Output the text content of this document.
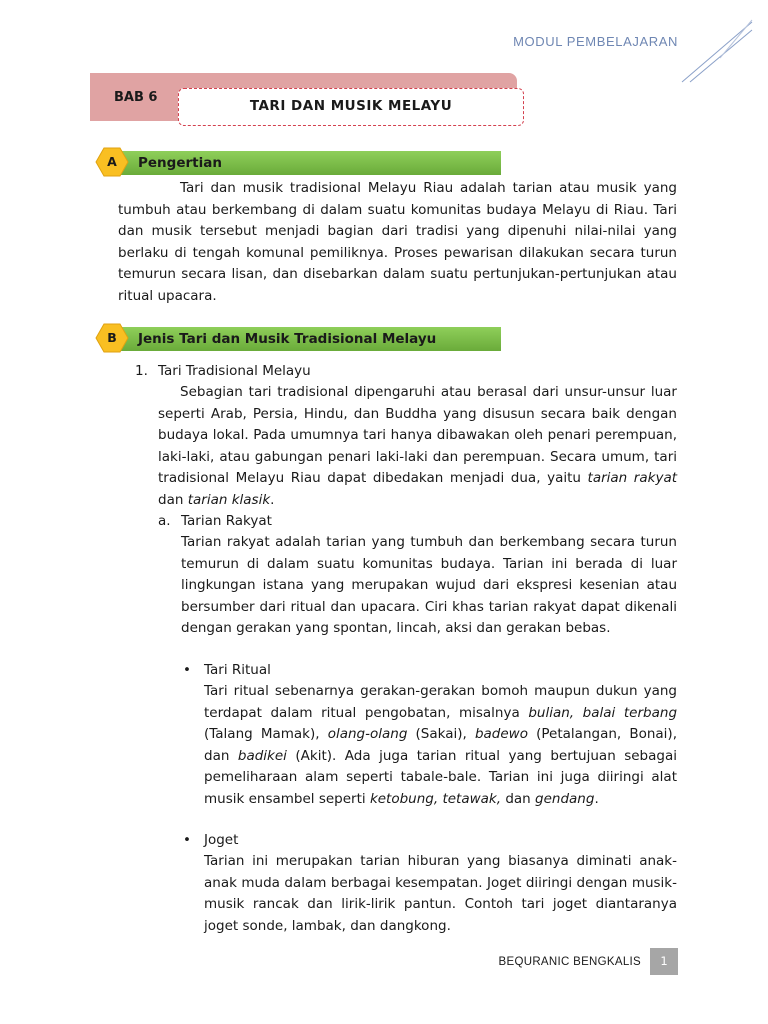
MODUL PEMBELAJARAN
BAB 6
TARI DAN MUSIK MELAYU
A	Pengertian

Tari dan musik tradisional Melayu Riau adalah tarian atau musik yang tumbuh atau berkembang di dalam suatu komunitas budaya Melayu di Riau. Tari dan musik tersebut menjadi bagian dari tradisi yang dipenuhi nilai-nilai yang berlaku di tengah komunal pemiliknya. Proses pewarisan dilakukan secara turun temurun secara lisan, dan disebarkan dalam suatu pertunjukan-pertunjukan atau ritual upacara.

B	Jenis Tari dan Musik Tradisional Melayu
1. Tari Tradisional Melayu

Sebagian tari tradisional dipengaruhi atau berasal dari unsur-unsur luar seperti Arab, Persia, Hindu, dan Buddha yang disusun secara baik dengan budaya lokal. Pada umumnya tari hanya dibawakan oleh penari perempuan, laki-laki, atau gabungan penari laki-laki dan perempuan. Secara umum, tari tradisional Melayu Riau dapat dibedakan menjadi dua, yaitu tarian rakyat dan tarian klasik.

a. Tarian Rakyat

Tarian rakyat adalah tarian yang tumbuh dan berkembang secara turun temurun di dalam suatu komunitas budaya. Tarian ini berada di luar lingkungan istana yang merupakan wujud dari ekspresi kesenian atau bersumber dari ritual dan upacara. Ciri khas tarian rakyat dapat dikenali dengan gerakan yang spontan, lincah, aksi dan gerakan bebas.

• Tari Ritual

Tari ritual sebenarnya gerakan-gerakan bomoh maupun dukun yang terdapat dalam ritual pengobatan, misalnya bulian, balai terbang (Talang Mamak), olang-olang (Sakai), badewo (Petalangan, Bonai), dan badikei (Akit). Ada juga tarian ritual yang bertujuan sebagai pemeliharaan alam seperti tabale-bale. Tarian ini juga diiringi alat musik ensambel seperti ketobung, tetawak, dan gendang.

• Joget

Tarian ini merupakan tarian hiburan yang biasanya diminati anak-anak muda dalam berbagai kesempatan. Joget diiringi dengan musik-musik rancak dan lirik-lirik pantun. Contoh tari joget diantaranya joget sonde, lambak, dan dangkong.

BEQURANIC BENGKALIS	1
